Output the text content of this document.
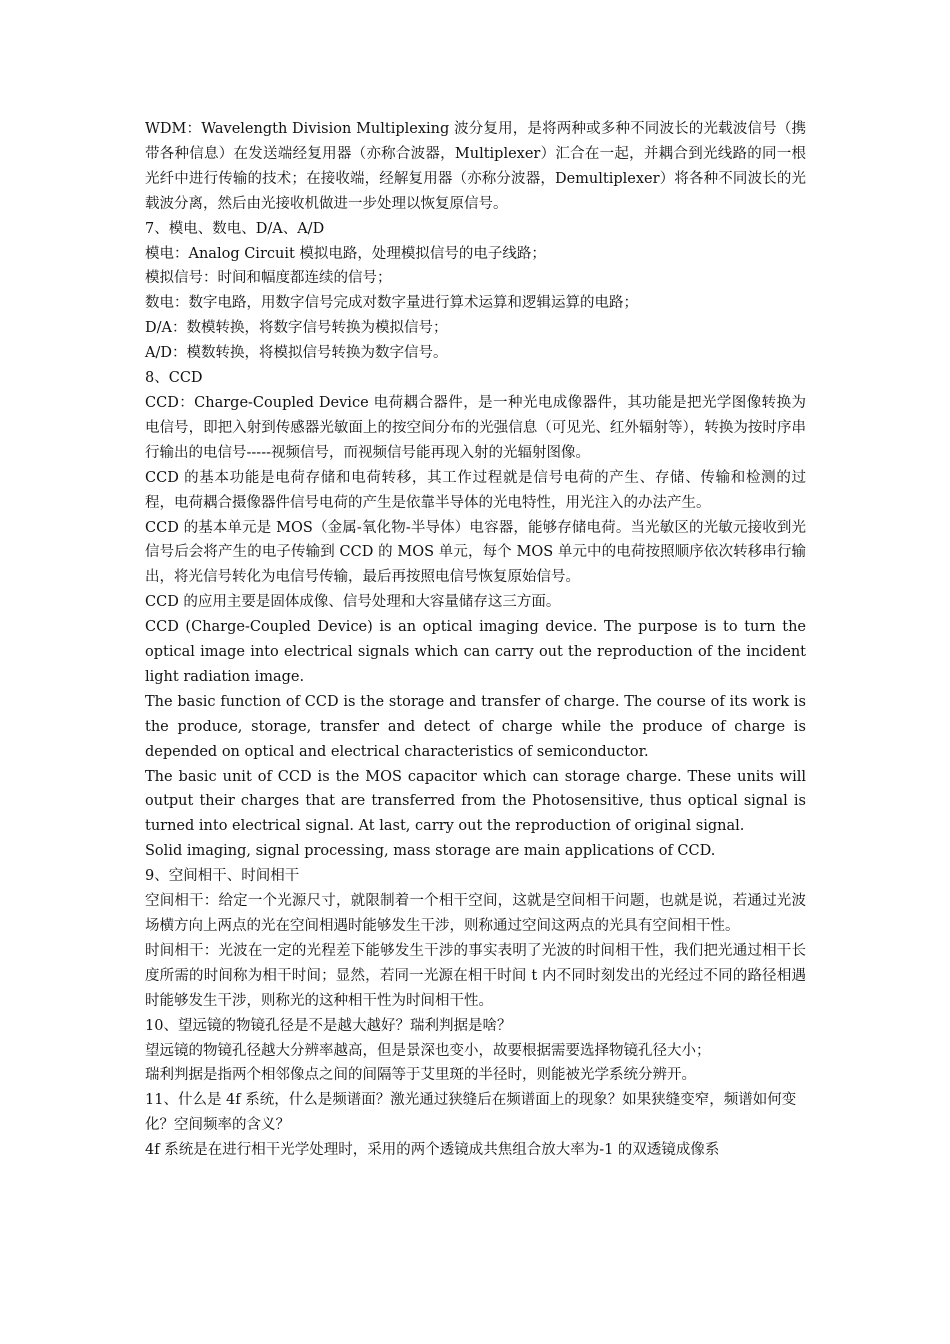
WDM：Wavelength Division Multiplexing 波分复用，是将两种或多种不同波长的光载波信号（携带各种信息）在发送端经复用器（亦称合波器，Multiplexer）汇合在一起，并耦合到光线路的同一根光纤中进行传输的技术；在接收端，经解复用器（亦称分波器，Demultiplexer）将各种不同波长的光载波分离，然后由光接收机做进一步处理以恢复原信号。

7、模电、数电、D/A、A/D

模电：Analog Circuit 模拟电路，处理模拟信号的电子线路；

模拟信号：时间和幅度都连续的信号；

数电：数字电路，用数字信号完成对数字量进行算术运算和逻辑运算的电路；

D/A：数模转换，将数字信号转换为模拟信号；

A/D：模数转换，将模拟信号转换为数字信号。

8、CCD

CCD：Charge-Coupled Device 电荷耦合器件，是一种光电成像器件，其功能是把光学图像转换为电信号，即把入射到传感器光敏面上的按空间分布的光强信息（可见光、红外辐射等），转换为按时序串行输出的电信号-----视频信号，而视频信号能再现入射的光辐射图像。

CCD 的基本功能是电荷存储和电荷转移，其工作过程就是信号电荷的产生、存储、传输和检测的过程，电荷耦合摄像器件信号电荷的产生是依靠半导体的光电特性，用光注入的办法产生。

CCD 的基本单元是 MOS（金属-氧化物-半导体）电容器，能够存储电荷。当光敏区的光敏元接收到光信号后会将产生的电子传输到 CCD 的 MOS 单元，每个 MOS 单元中的电荷按照顺序依次转移串行输出，将光信号转化为电信号传输，最后再按照电信号恢复原始信号。

CCD 的应用主要是固体成像、信号处理和大容量储存这三方面。

CCD (Charge-Coupled Device) is an optical imaging device. The purpose is to turn the optical image into electrical signals which can carry out the reproduction of the incident light radiation image.

The basic function of CCD is the storage and transfer of charge. The course of its work is the produce, storage, transfer and detect of charge while the produce of charge is depended on optical and electrical characteristics of semiconductor.

The basic unit of CCD is the MOS capacitor which can storage charge. These units will output their charges that are transferred from the Photosensitive, thus optical signal is turned into electrical signal. At last, carry out the reproduction of original signal.

Solid imaging, signal processing, mass storage are main applications of CCD.

9、空间相干、时间相干

空间相干：给定一个光源尺寸，就限制着一个相干空间，这就是空间相干问题，也就是说，若通过光波场横方向上两点的光在空间相遇时能够发生干涉，则称通过空间这两点的光具有空间相干性。

时间相干：光波在一定的光程差下能够发生干涉的事实表明了光波的时间相干性，我们把光通过相干长度所需的时间称为相干时间；显然，若同一光源在相干时间 t 内不同时刻发出的光经过不同的路径相遇时能够发生干涉，则称光的这种相干性为时间相干性。

10、望远镜的物镜孔径是不是越大越好？瑞利判据是啥？

望远镜的物镜孔径越大分辨率越高，但是景深也变小，故要根据需要选择物镜孔径大小；

瑞利判据是指两个相邻像点之间的间隔等于艾里斑的半径时，则能被光学系统分辨开。

11、什么是 4f 系统，什么是频谱面？激光通过狭缝后在频谱面上的现象？如果狭缝变窄，频谱如何变化？空间频率的含义？

4f 系统是在进行相干光学处理时，采用的两个透镜成共焦组合放大率为-1 的双透镜成像系
